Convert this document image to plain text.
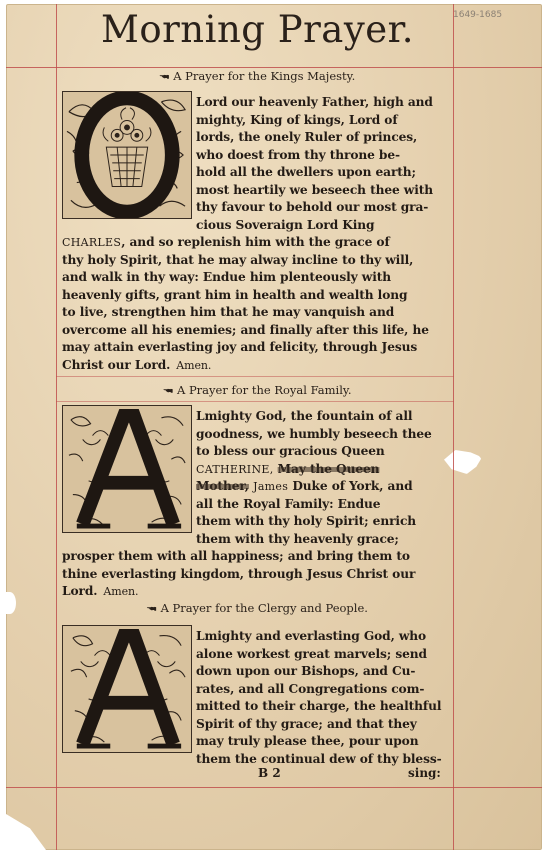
Morning Prayer.	1649-1685
🖚 A Prayer for the Kings Majesty.
Lord our heavenly Father, high and
mighty, King of kings, Lord of
lords, the onely Ruler of princes,
who doest from thy throne be-
hold all the dwellers upon earth;
most heartily we beseech thee with
thy favour to behold our most gra-
cious Soveraign Lord King
CHARLES, and so replenish him with the grace of
thy holy Spirit, that he may alway incline to thy will,
and walk in thy way: Endue him plenteously with
heavenly gifts, grant him in health and wealth long
to live, strengthen him that he may vanquish and
overcome all his enemies; and finally after this life, he
may attain everlasting joy and felicity, through Jesus
Christ our Lord. Amen.
🖚 A Prayer for the Royal Family.
Lmighty God, the fountain of all
goodness, we humbly beseech thee
to bless our gracious Queen
CATHERINE, May the Queen
Mother, James Duke of York, and
all the Royal Family: Endue
them with thy holy Spirit; enrich
them with thy heavenly grace;
prosper them with all happiness; and bring them to
thine everlasting kingdom, through Jesus Christ our
Lord. Amen.
🖚 A Prayer for the Clergy and People.
Lmighty and everlasting God, who
alone workest great marvels; send
down upon our Bishops, and Cu-
rates, and all Congregations com-
mitted to their charge, the healthful
Spirit of thy grace; and that they
may truly please thee, pour upon
them the continual dew of thy bless-
B 2	sing:
